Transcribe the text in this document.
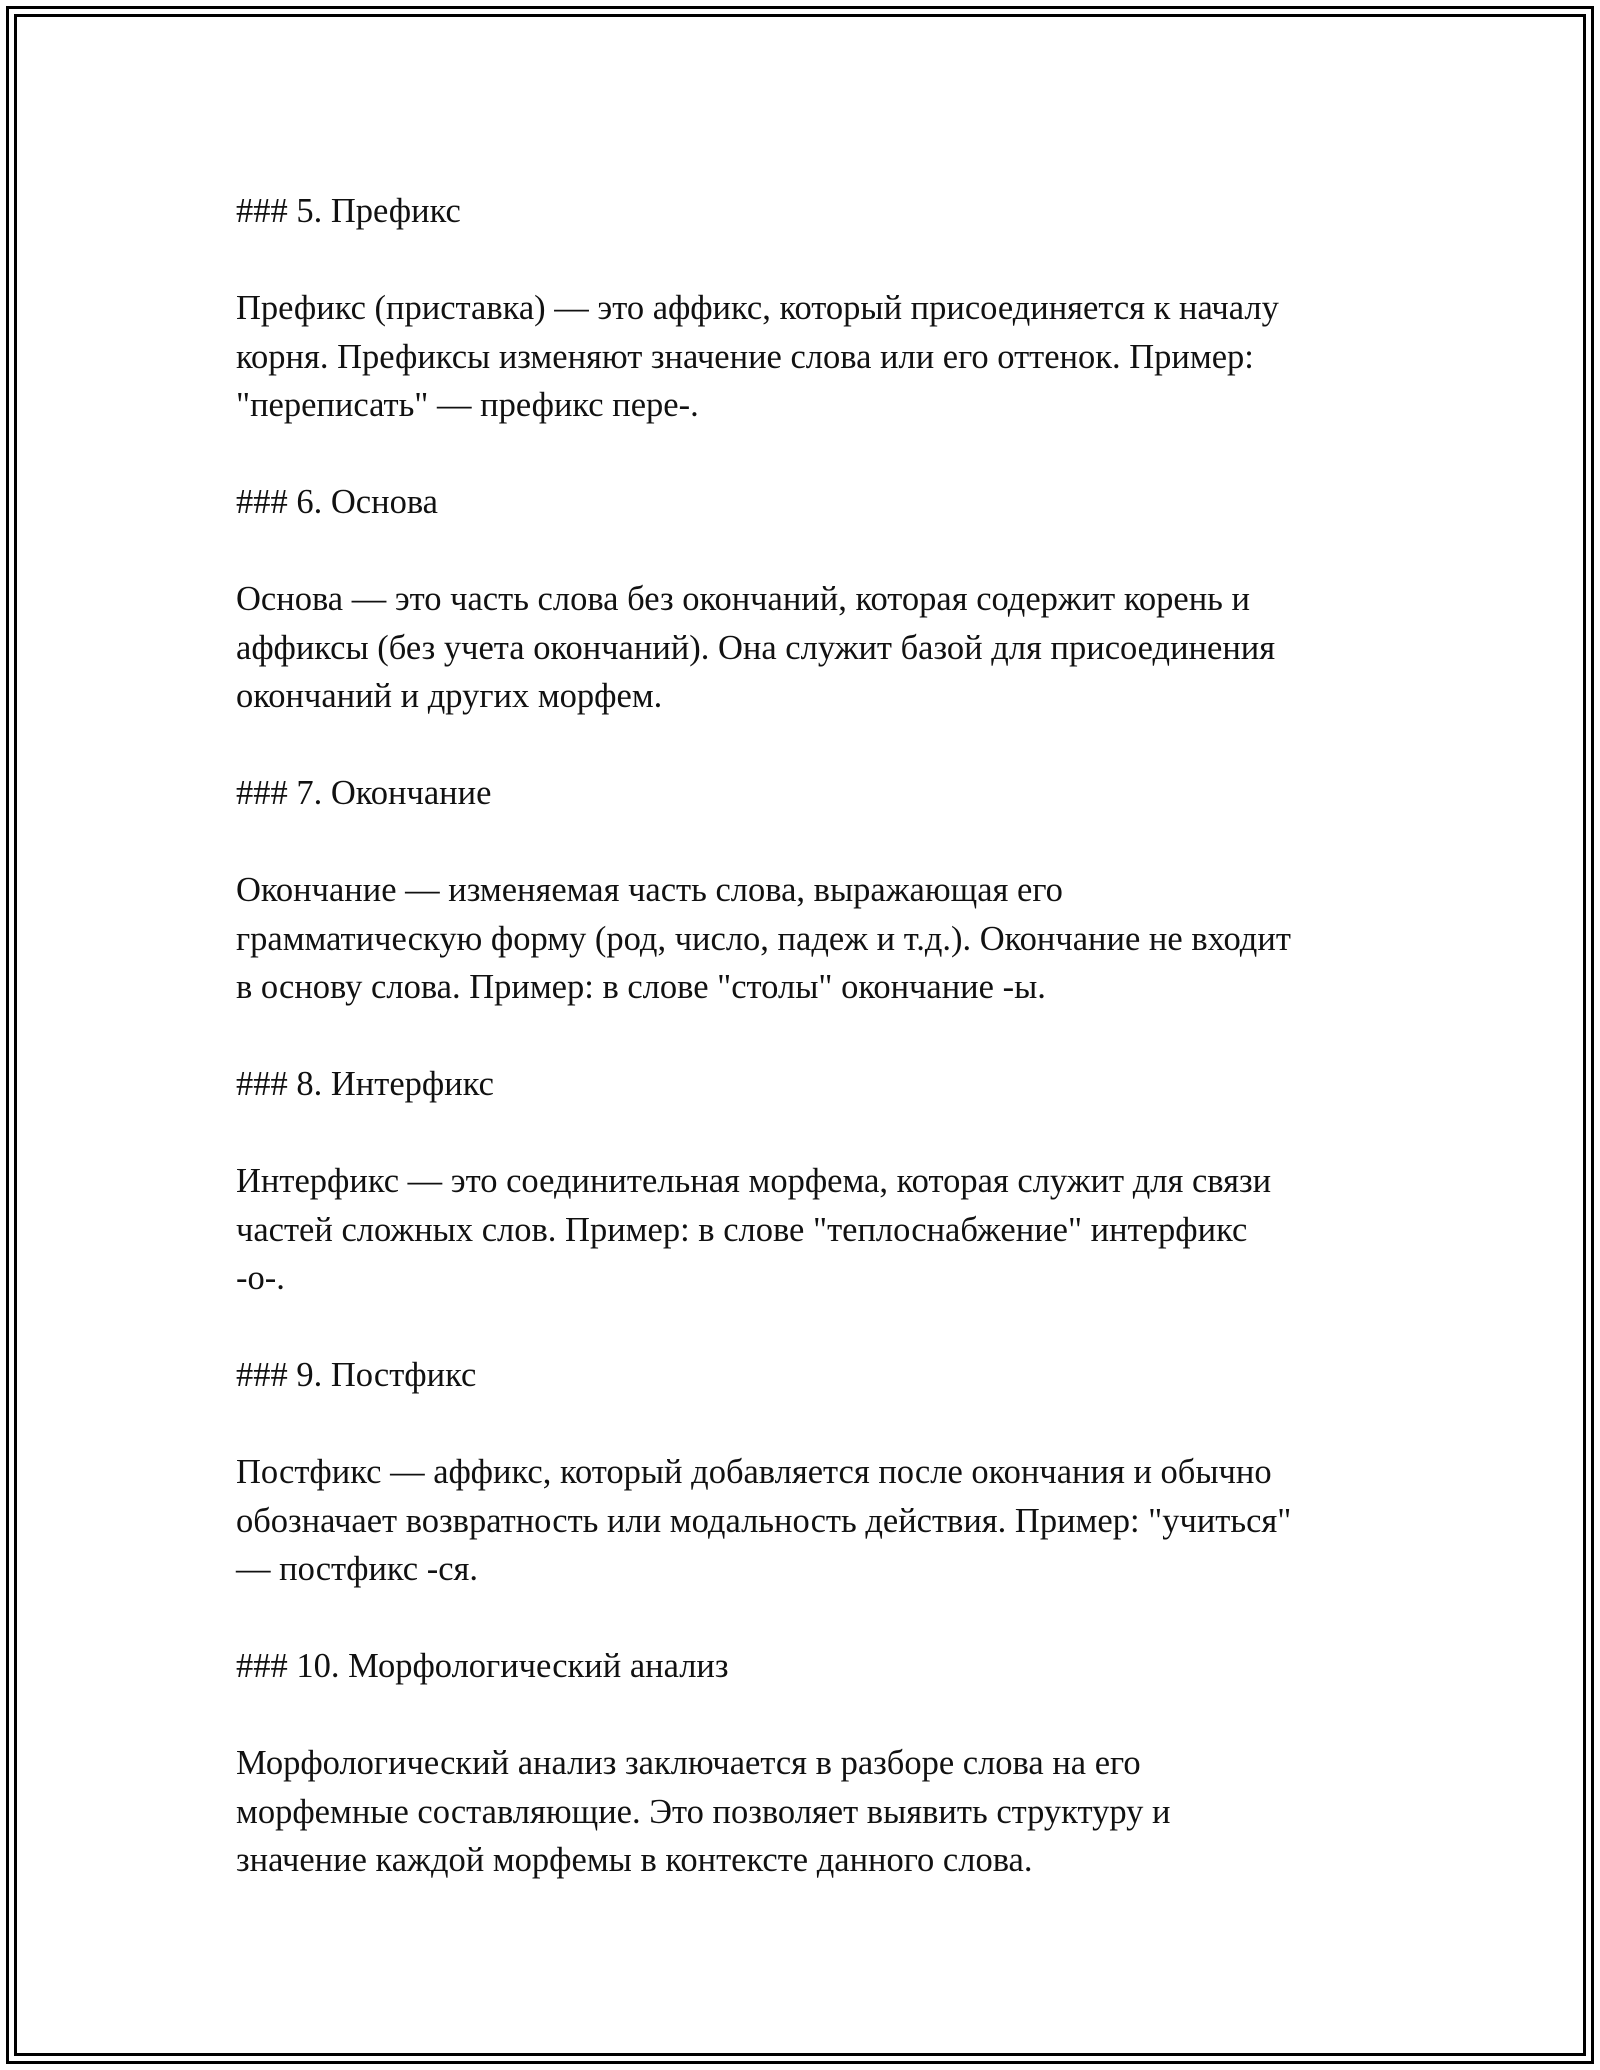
### 5. Префикс

Префикс (приставка) — это аффикс, который присоединяется к началу
корня. Префиксы изменяют значение слова или его оттенок. Пример:
"переписать" — префикс пере-.

### 6. Основа

Основа — это часть слова без окончаний, которая содержит корень и
аффиксы (без учета окончаний). Она служит базой для присоединения
окончаний и других морфем.

### 7. Окончание

Окончание — изменяемая часть слова, выражающая его
грамматическую форму (род, число, падеж и т.д.). Окончание не входит
в основу слова. Пример: в слове "столы" окончание -ы.

### 8. Интерфикс

Интерфикс — это соединительная морфема, которая служит для связи
частей сложных слов. Пример: в слове "теплоснабжение" интерфикс
-о-.

### 9. Постфикс

Постфикс — аффикс, который добавляется после окончания и обычно
обозначает возвратность или модальность действия. Пример: "учиться"
— постфикс -ся.

### 10. Морфологический анализ

Морфологический анализ заключается в разборе слова на его
морфемные составляющие. Это позволяет выявить структуру и
значение каждой морфемы в контексте данного слова.
